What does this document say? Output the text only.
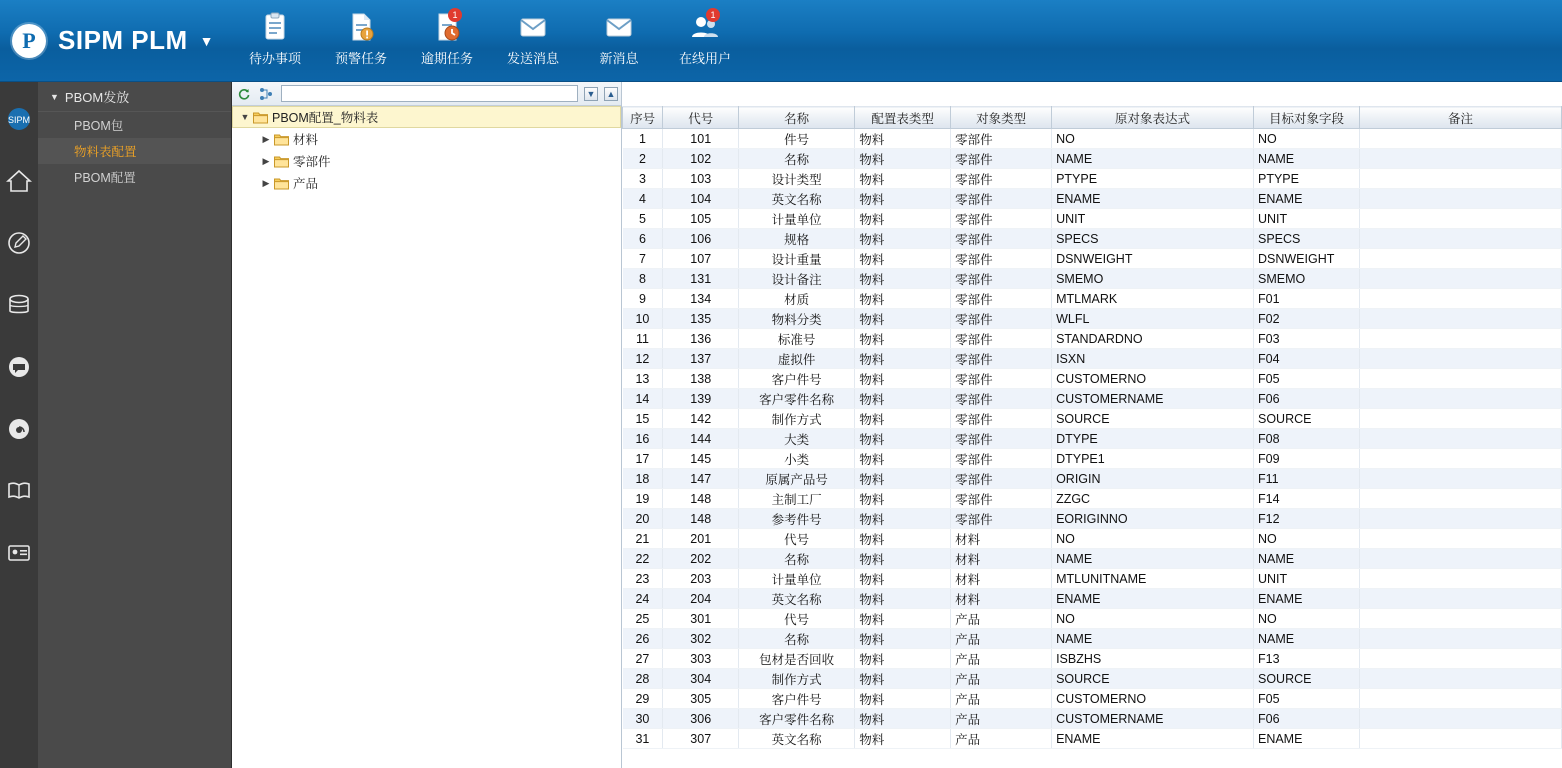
P SIPM PLM ▼
待办事项	预警任务
1
逾期任务	发送消息	新消息
1
在线用户
SIPM
▼ PBOM发放
PBOM包
物料表配置
PBOM配置
▼ ▲
▼ PBOM配置_物料表
▶ 材料
▶ 零部件
▶ 产品
序号	代号	名称	配置表类型	对象类型	原对象表达式	目标对象字段	备注
1	101	件号	物料	零部件	NO	NO	
2	102	名称	物料	零部件	NAME	NAME	
3	103	设计类型	物料	零部件	PTYPE	PTYPE	
4	104	英文名称	物料	零部件	ENAME	ENAME	
5	105	计量单位	物料	零部件	UNIT	UNIT	
6	106	规格	物料	零部件	SPECS	SPECS	
7	107	设计重量	物料	零部件	DSNWEIGHT	DSNWEIGHT	
8	131	设计备注	物料	零部件	SMEMO	SMEMO	
9	134	材质	物料	零部件	MTLMARK	F01	
10	135	物料分类	物料	零部件	WLFL	F02	
11	136	标准号	物料	零部件	STANDARDNO	F03	
12	137	虚拟件	物料	零部件	ISXN	F04	
13	138	客户件号	物料	零部件	CUSTOMERNO	F05	
14	139	客户零件名称	物料	零部件	CUSTOMERNAME	F06	
15	142	制作方式	物料	零部件	SOURCE	SOURCE	
16	144	大类	物料	零部件	DTYPE	F08	
17	145	小类	物料	零部件	DTYPE1	F09	
18	147	原属产品号	物料	零部件	ORIGIN	F11	
19	148	主制工厂	物料	零部件	ZZGC	F14	
20	148	参考件号	物料	零部件	EORIGINNO	F12	
21	201	代号	物料	材料	NO	NO	
22	202	名称	物料	材料	NAME	NAME	
23	203	计量单位	物料	材料	MTLUNITNAME	UNIT	
24	204	英文名称	物料	材料	ENAME	ENAME	
25	301	代号	物料	产品	NO	NO	
26	302	名称	物料	产品	NAME	NAME	
27	303	包材是否回收	物料	产品	ISBZHS	F13	
28	304	制作方式	物料	产品	SOURCE	SOURCE	
29	305	客户件号	物料	产品	CUSTOMERNO	F05	
30	306	客户零件名称	物料	产品	CUSTOMERNAME	F06	
31	307	英文名称	物料	产品	ENAME	ENAME	
